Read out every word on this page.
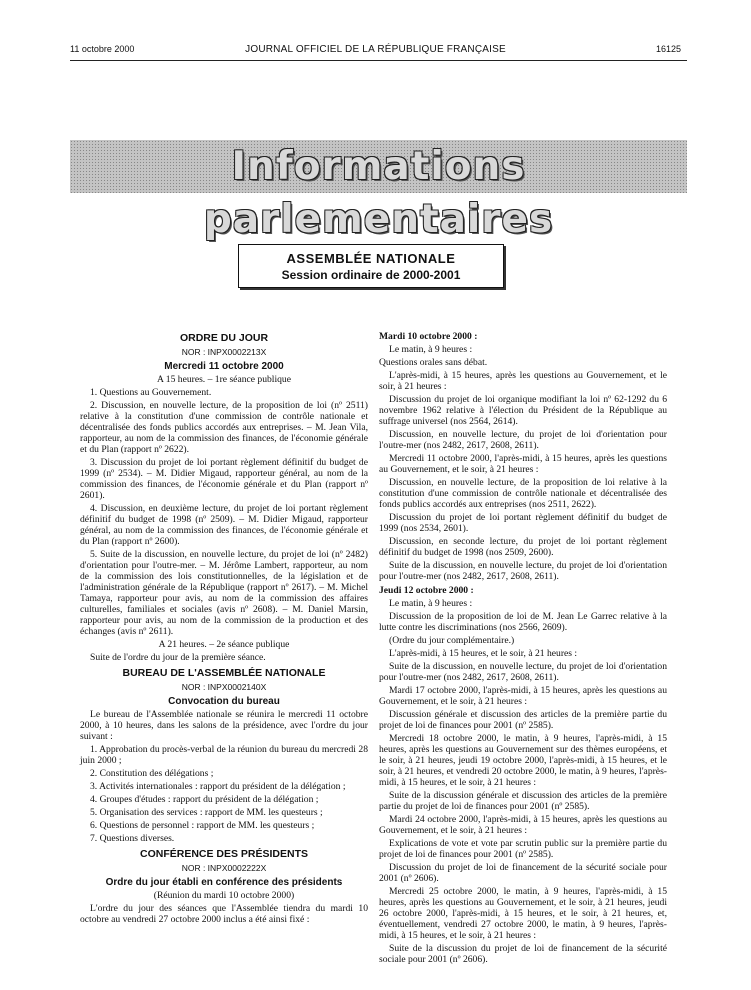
11 octobre 2000	JOURNAL OFFICIEL DE LA RÉPUBLIQUE FRANÇAISE	16125
Informations parlementaires
ASSEMBLÉE NATIONALE
Session ordinaire de 2000-2001
ORDRE DU JOUR
NOR : INPX0002213X
Mercredi 11 octobre 2000

A 15 heures. – 1re séance publique

1. Questions au Gouvernement.

2. Discussion, en nouvelle lecture, de la proposition de loi (nº 2511) relative à la constitution d'une commission de contrôle nationale et décentralisée des fonds publics accordés aux entreprises. – M. Jean Vila, rapporteur, au nom de la commission des finances, de l'économie générale et du Plan (rapport nº 2622).

3. Discussion du projet de loi portant règlement définitif du budget de 1999 (nº 2534). – M. Didier Migaud, rapporteur général, au nom de la commission des finances, de l'économie générale et du Plan (rapport nº 2601).

4. Discussion, en deuxième lecture, du projet de loi portant règlement définitif du budget de 1998 (nº 2509). – M. Didier Migaud, rapporteur général, au nom de la commission des finances, de l'économie générale et du Plan (rapport nº 2600).

5. Suite de la discussion, en nouvelle lecture, du projet de loi (nº 2482) d'orientation pour l'outre-mer. – M. Jérôme Lambert, rapporteur, au nom de la commission des lois constitutionnelles, de la législation et de l'administration générale de la République (rapport nº 2617). – M. Michel Tamaya, rapporteur pour avis, au nom de la commission des affaires culturelles, familiales et sociales (avis nº 2608). – M. Daniel Marsin, rapporteur pour avis, au nom de la commission de la production et des échanges (avis nº 2611).

A 21 heures. – 2e séance publique

Suite de l'ordre du jour de la première séance.

BUREAU DE L'ASSEMBLÉE NATIONALE
NOR : INPX0002140X
Convocation du bureau

Le bureau de l'Assemblée nationale se réunira le mercredi 11 octobre 2000, à 10 heures, dans les salons de la présidence, avec l'ordre du jour suivant :

1. Approbation du procès-verbal de la réunion du bureau du mercredi 28 juin 2000 ;

2. Constitution des délégations ;

3. Activités internationales : rapport du président de la délégation ;

4. Groupes d'études : rapport du président de la délégation ;

5. Organisation des services : rapport de MM. les questeurs ;

6. Questions de personnel : rapport de MM. les questeurs ;

7. Questions diverses.

CONFÉRENCE DES PRÉSIDENTS
NOR : INPX0002222X
Ordre du jour établi en conférence des présidents

(Réunion du mardi 10 octobre 2000)

L'ordre du jour des séances que l'Assemblée tiendra du mardi 10 octobre au vendredi 27 octobre 2000 inclus a été ainsi fixé :

Mardi 10 octobre 2000 :

Le matin, à 9 heures :

Questions orales sans débat.

L'après-midi, à 15 heures, après les questions au Gouvernement, et le soir, à 21 heures :

Discussion du projet de loi organique modifiant la loi nº 62-1292 du 6 novembre 1962 relative à l'élection du Président de la République au suffrage universel (nos 2564, 2614).

Discussion, en nouvelle lecture, du projet de loi d'orientation pour l'outre-mer (nos 2482, 2617, 2608, 2611).

Mercredi 11 octobre 2000, l'après-midi, à 15 heures, après les questions au Gouvernement, et le soir, à 21 heures :

Discussion, en nouvelle lecture, de la proposition de loi relative à la constitution d'une commission de contrôle nationale et décentralisée des fonds publics accordés aux entreprises (nos 2511, 2622).

Discussion du projet de loi portant règlement définitif du budget de 1999 (nos 2534, 2601).

Discussion, en seconde lecture, du projet de loi portant règlement définitif du budget de 1998 (nos 2509, 2600).

Suite de la discussion, en nouvelle lecture, du projet de loi d'orientation pour l'outre-mer (nos 2482, 2617, 2608, 2611).

Jeudi 12 octobre 2000 :

Le matin, à 9 heures :

Discussion de la proposition de loi de M. Jean Le Garrec relative à la lutte contre les discriminations (nos 2566, 2609).

(Ordre du jour complémentaire.)

L'après-midi, à 15 heures, et le soir, à 21 heures :

Suite de la discussion, en nouvelle lecture, du projet de loi d'orientation pour l'outre-mer (nos 2482, 2617, 2608, 2611).

Mardi 17 octobre 2000, l'après-midi, à 15 heures, après les questions au Gouvernement, et le soir, à 21 heures :

Discussion générale et discussion des articles de la première partie du projet de loi de finances pour 2001 (nº 2585).

Mercredi 18 octobre 2000, le matin, à 9 heures, l'après-midi, à 15 heures, après les questions au Gouvernement sur des thèmes européens, et le soir, à 21 heures, jeudi 19 octobre 2000, l'après-midi, à 15 heures, et le soir, à 21 heures, et vendredi 20 octobre 2000, le matin, à 9 heures, l'après-midi, à 15 heures, et le soir, à 21 heures :

Suite de la discussion générale et discussion des articles de la première partie du projet de loi de finances pour 2001 (nº 2585).

Mardi 24 octobre 2000, l'après-midi, à 15 heures, après les questions au Gouvernement, et le soir, à 21 heures :

Explications de vote et vote par scrutin public sur la première partie du projet de loi de finances pour 2001 (nº 2585).

Discussion du projet de loi de financement de la sécurité sociale pour 2001 (nº 2606).

Mercredi 25 octobre 2000, le matin, à 9 heures, l'après-midi, à 15 heures, après les questions au Gouvernement, et le soir, à 21 heures, jeudi 26 octobre 2000, l'après-midi, à 15 heures, et le soir, à 21 heures, et, éventuellement, vendredi 27 octobre 2000, le matin, à 9 heures, l'après-midi, à 15 heures, et le soir, à 21 heures :

Suite de la discussion du projet de loi de financement de la sécurité sociale pour 2001 (nº 2606).
